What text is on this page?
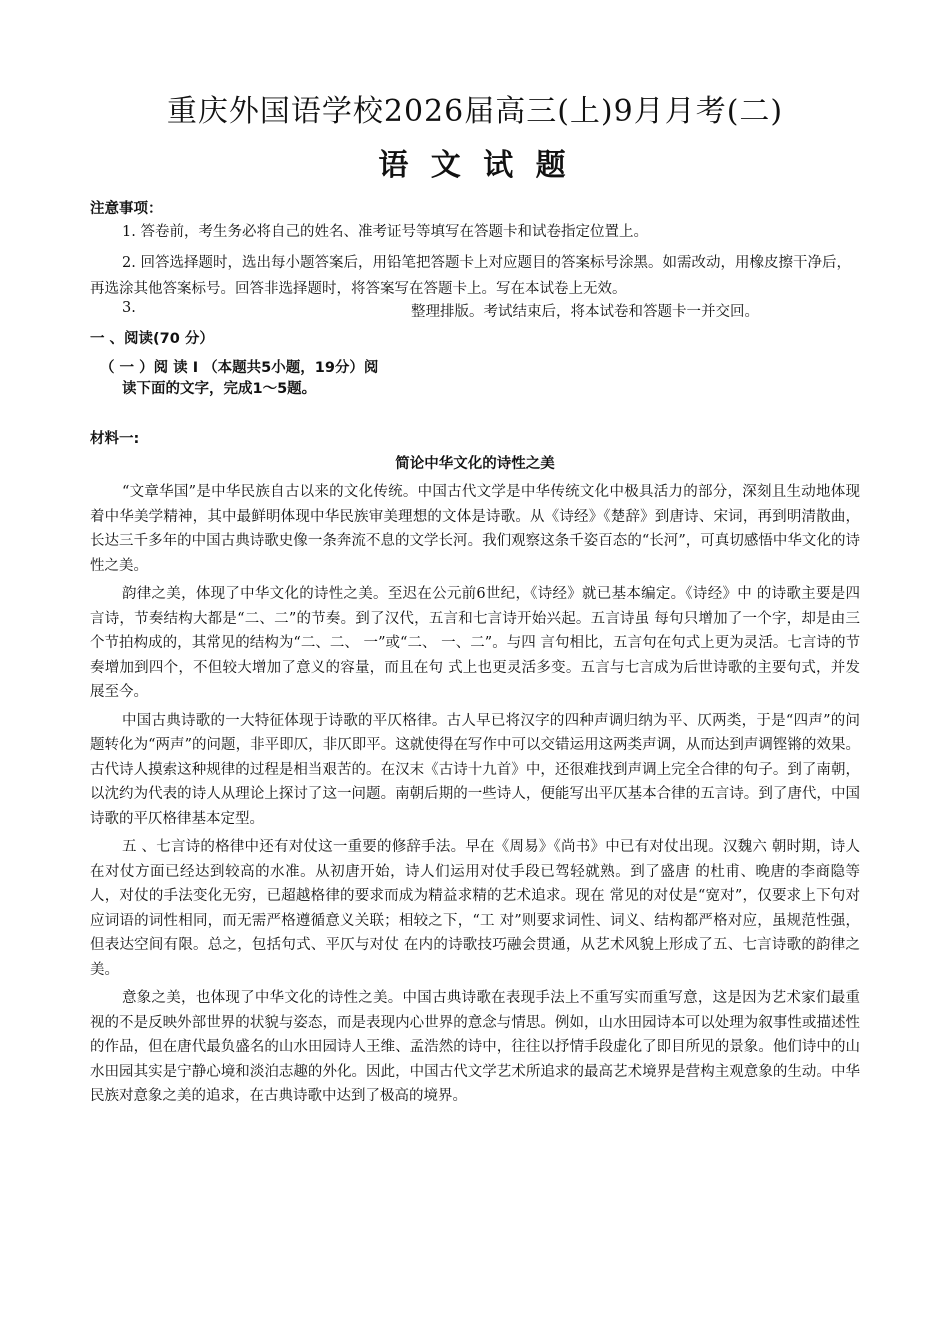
重庆外国语学校2026届高三(上)9月月考(二)
语 文 试 题
注意事项：

1. 答卷前，考生务必将自己的姓名、准考证号等填写在答题卡和试卷指定位置上。

2. 回答选择题时，选出每小题答案后，用铅笔把答题卡上对应题目的答案标号涂黑。如需改动，用橡皮擦干净后，再选涂其他答案标号。回答非选择题时，将答案写在答题卡上。写在本试卷上无效。

3.	整理排版。考试结束后，将本试卷和答题卡一并交回。
一 、阅读(70 分）
（ 一 ）阅 读 I （本题共5小题，19分）阅读下面的文字，完成1～5题。
材料一:
简论中华文化的诗性之美

“文章华国”是中华民族自古以来的文化传统。中国古代文学是中华传统文化中极具活力的部分，深刻且生动地体现着中华美学精神，其中最鲜明体现中华民族审美理想的文体是诗歌。从《诗经》《楚辞》到唐诗、宋词，再到明清散曲，长达三千多年的中国古典诗歌史像一条奔流不息的文学长河。我们观察这条千姿百态的“长河”，可真切感悟中华文化的诗性之美。

韵律之美，体现了中华文化的诗性之美。至迟在公元前6世纪，《诗经》就已基本编定。《诗经》中 的诗歌主要是四言诗，节奏结构大都是“二、二”的节奏。到了汉代，五言和七言诗开始兴起。五言诗虽 每句只增加了一个字，却是由三个节拍构成的，其常见的结构为“二、二、 一”或“二、 一、二”。与四 言句相比，五言句在句式上更为灵活。七言诗的节奏增加到四个，不但较大增加了意义的容量，而且在句 式上也更灵活多变。五言与七言成为后世诗歌的主要句式，并发展至今。

中国古典诗歌的一大特征体现于诗歌的平仄格律。古人早已将汉字的四种声调归纳为平、仄两类，于是“四声”的问题转化为“两声”的问题，非平即仄，非仄即平。这就使得在写作中可以交错运用这两类声调，从而达到声调铿锵的效果。古代诗人摸索这种规律的过程是相当艰苦的。在汉末《古诗十九首》中，还很难找到声调上完全合律的句子。到了南朝，以沈约为代表的诗人从理论上探讨了这一问题。南朝后期的一些诗人，便能写出平仄基本合律的五言诗。到了唐代，中国诗歌的平仄格律基本定型。

五 、七言诗的格律中还有对仗这一重要的修辞手法。早在《周易》《尚书》中已有对仗出现。汉魏六 朝时期，诗人在对仗方面已经达到较高的水准。从初唐开始，诗人们运用对仗手段已驾轻就熟。到了盛唐 的杜甫、晚唐的李商隐等人，对仗的手法变化无穷，已超越格律的要求而成为精益求精的艺术追求。现在 常见的对仗是“宽对”，仅要求上下句对应词语的词性相同，而无需严格遵循意义关联；相较之下，“工 对”则要求词性、词义、结构都严格对应，虽规范性强，但表达空间有限。总之，包括句式、平仄与对仗 在内的诗歌技巧融会贯通，从艺术风貌上形成了五、七言诗歌的韵律之美。

意象之美，也体现了中华文化的诗性之美。中国古典诗歌在表现手法上不重写实而重写意，这是因为艺术家们最重视的不是反映外部世界的状貌与姿态，而是表现内心世界的意念与情思。例如，山水田园诗本可以处理为叙事性或描述性的作品，但在唐代最负盛名的山水田园诗人王维、孟浩然的诗中，往往以抒情手段虚化了即目所见的景象。他们诗中的山水田园其实是宁静心境和淡泊志趣的外化。因此，中国古代文学艺术所追求的最高艺术境界是营构主观意象的生动。中华民族对意象之美的追求，在古典诗歌中达到了极高的境界。
